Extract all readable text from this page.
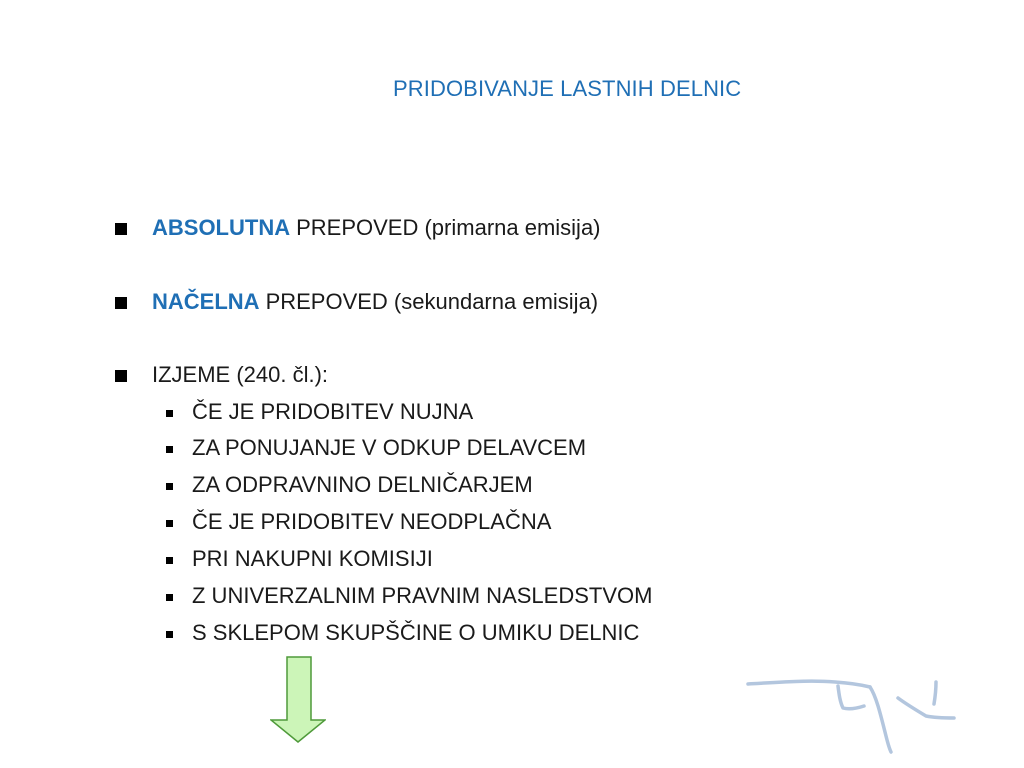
PRIDOBIVANJE LASTNIH DELNIC
ABSOLUTNA PREPOVED (primarna emisija)
NAČELNA PREPOVED (sekundarna emisija)
IZJEME (240. čl.):
ČE JE PRIDOBITEV NUJNA
ZA PONUJANJE V ODKUP DELAVCEM
ZA ODPRAVNINO DELNIČARJEM
ČE JE PRIDOBITEV NEODPLAČNA
PRI NAKUPNI KOMISIJI
Z UNIVERZALNIM PRAVNIM NASLEDSTVOM
S SKLEPOM SKUPŠČINE O UMIKU DELNIC
